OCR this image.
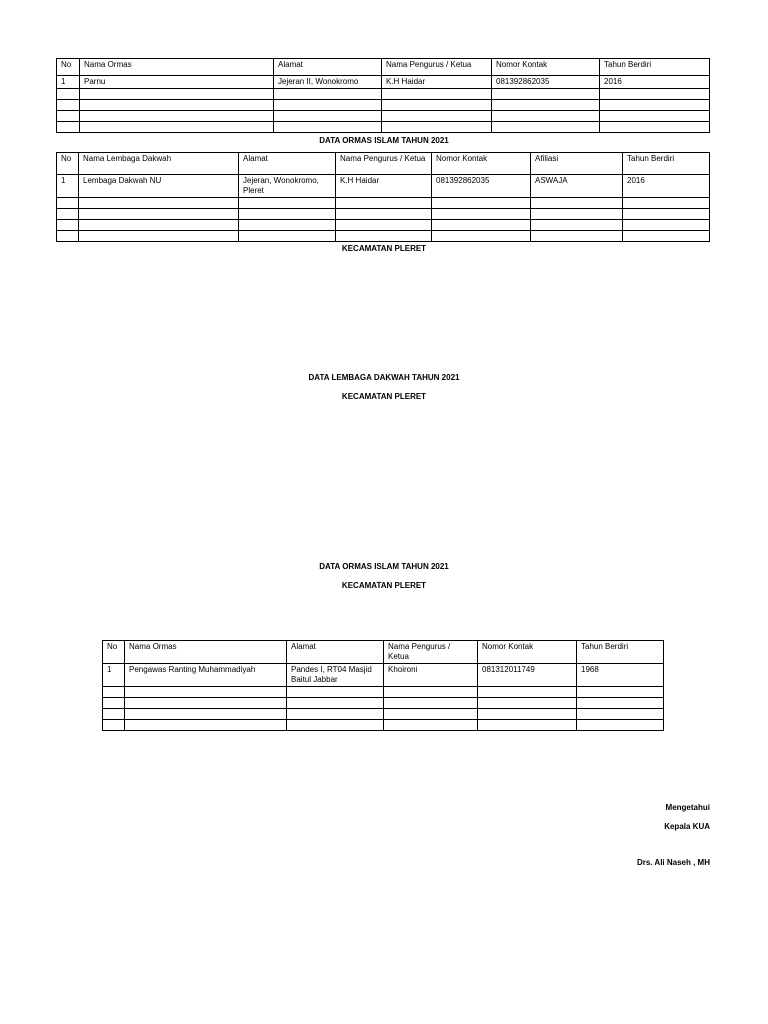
No	Nama Ormas	Alamat	Nama Pengurus / Ketua	Nomor Kontak	Tahun Berdiri
1	Parnu	Jejeran II, Wonokromo	K.H Haidar	081392862035	2016

DATA ORMAS ISLAM TAHUN 2021
No	Nama Lembaga Dakwah	Alamat	Nama Pengurus / Ketua	Nomor Kontak	Afiliasi	Tahun Berdiri
1	Lembaga Dakwah NU	Jejeran, Wonokromo, Pleret	K.H Haidar	081392862035	ASWAJA	2016

KECAMATAN PLERET
DATA LEMBAGA DAKWAH TAHUN 2021
KECAMATAN PLERET
DATA ORMAS ISLAM TAHUN 2021
KECAMATAN PLERET
No	Nama Ormas	Alamat	Nama Pengurus / Ketua	Nomor Kontak	Tahun Berdiri
1	Pengawas Ranting Muhammadiyah	Pandes I, RT04 Masjid Baitul Jabbar	Khoironi	081312011749	1968

Mengetahui
Kepala KUA
Drs. Ali Naseh , MH
